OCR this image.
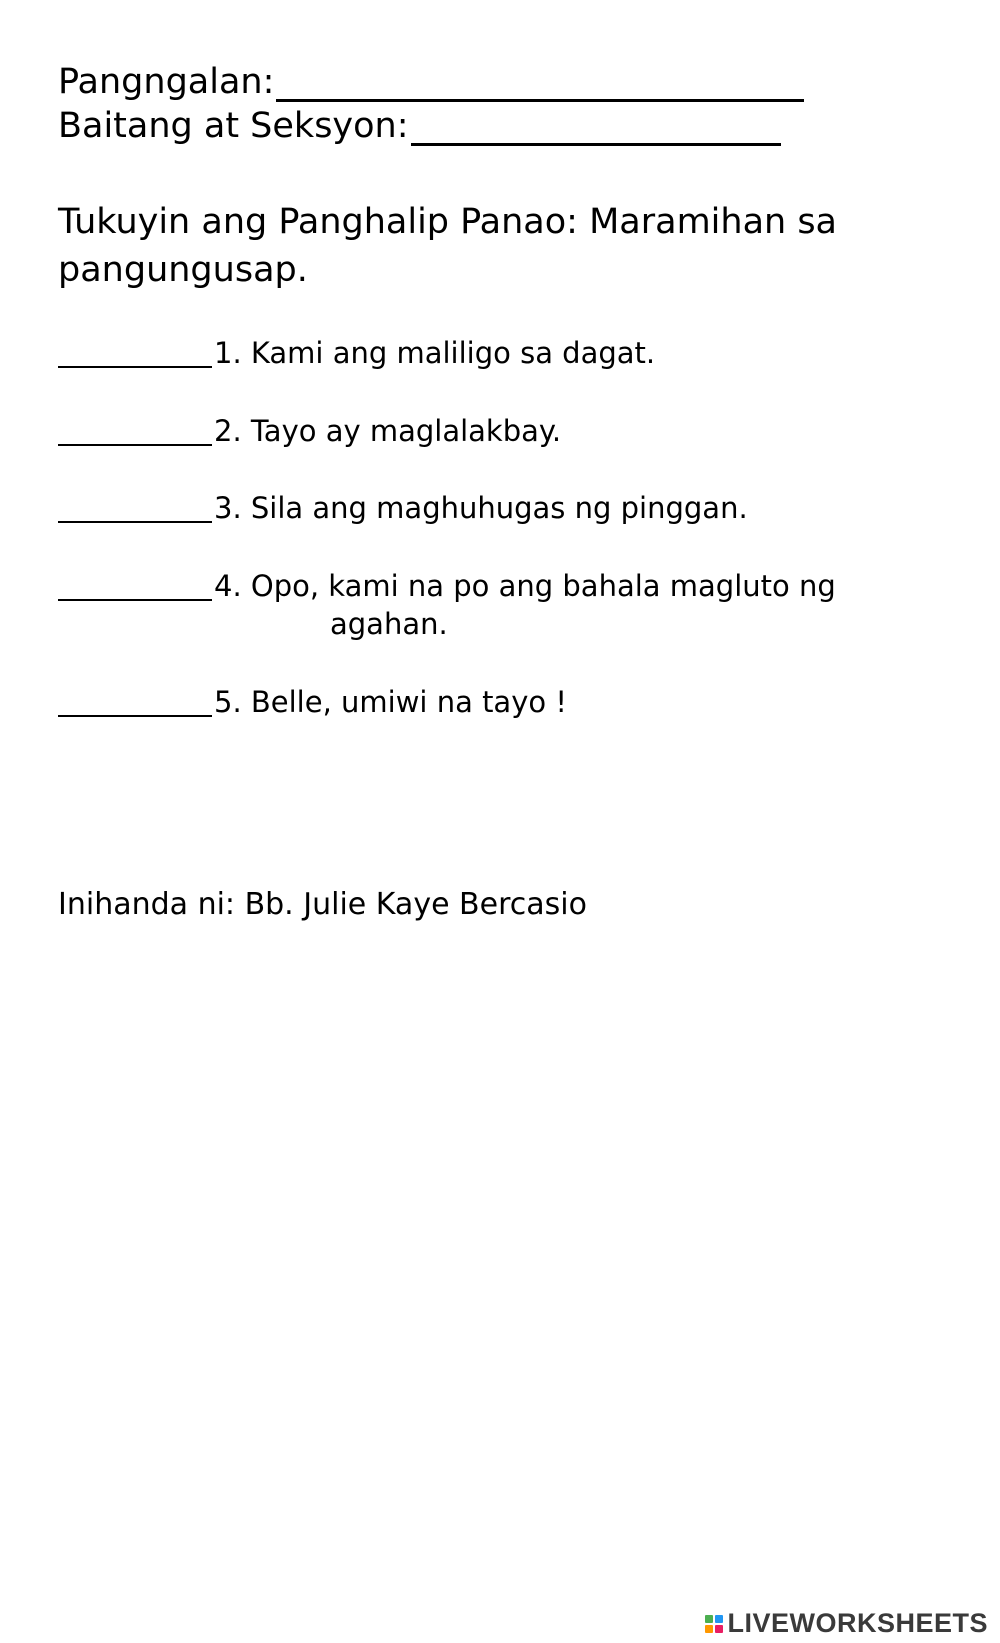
Pangngalan:
Baitang at Seksyon:
Tukuyin ang Panghalip Panao: Maramihan sa pangungusap.
1. Kami ang maliligo sa dagat.
2. Tayo ay maglalakbay.
3. Sila ang maghuhugas ng pinggan.
4. Opo, kami na po ang bahala magluto ng
agahan.
5. Belle, umiwi na tayo !
Inihanda ni: Bb. Julie Kaye Bercasio
LIVEWORKSHEETS
